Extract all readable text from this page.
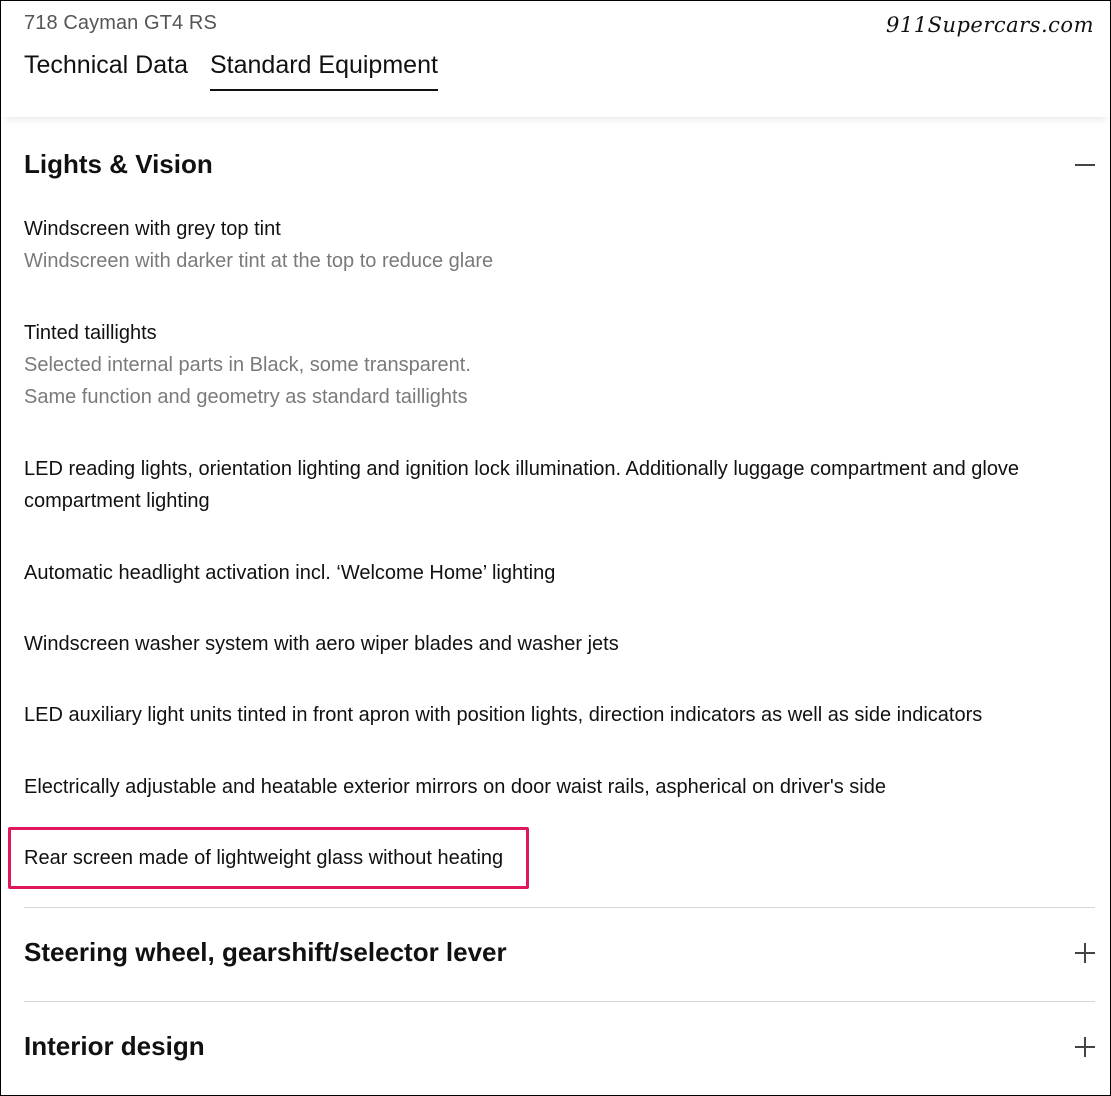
718 Cayman GT4 RS	911Supercars.com
Technical Data Standard Equipment
Lights & Vision
Windscreen with grey top tint
Windscreen with darker tint at the top to reduce glare
Tinted taillights
Selected internal parts in Black, some transparent.
Same function and geometry as standard taillights
LED reading lights, orientation lighting and ignition lock illumination. Additionally luggage compartment and glove compartment lighting
Automatic headlight activation incl. ‘Welcome Home’ lighting
Windscreen washer system with aero wiper blades and washer jets
LED auxiliary light units tinted in front apron with position lights, direction indicators as well as side indicators
Electrically adjustable and heatable exterior mirrors on door waist rails, aspherical on driver's side
Rear screen made of lightweight glass without heating
Steering wheel, gearshift/selector lever
Interior design
